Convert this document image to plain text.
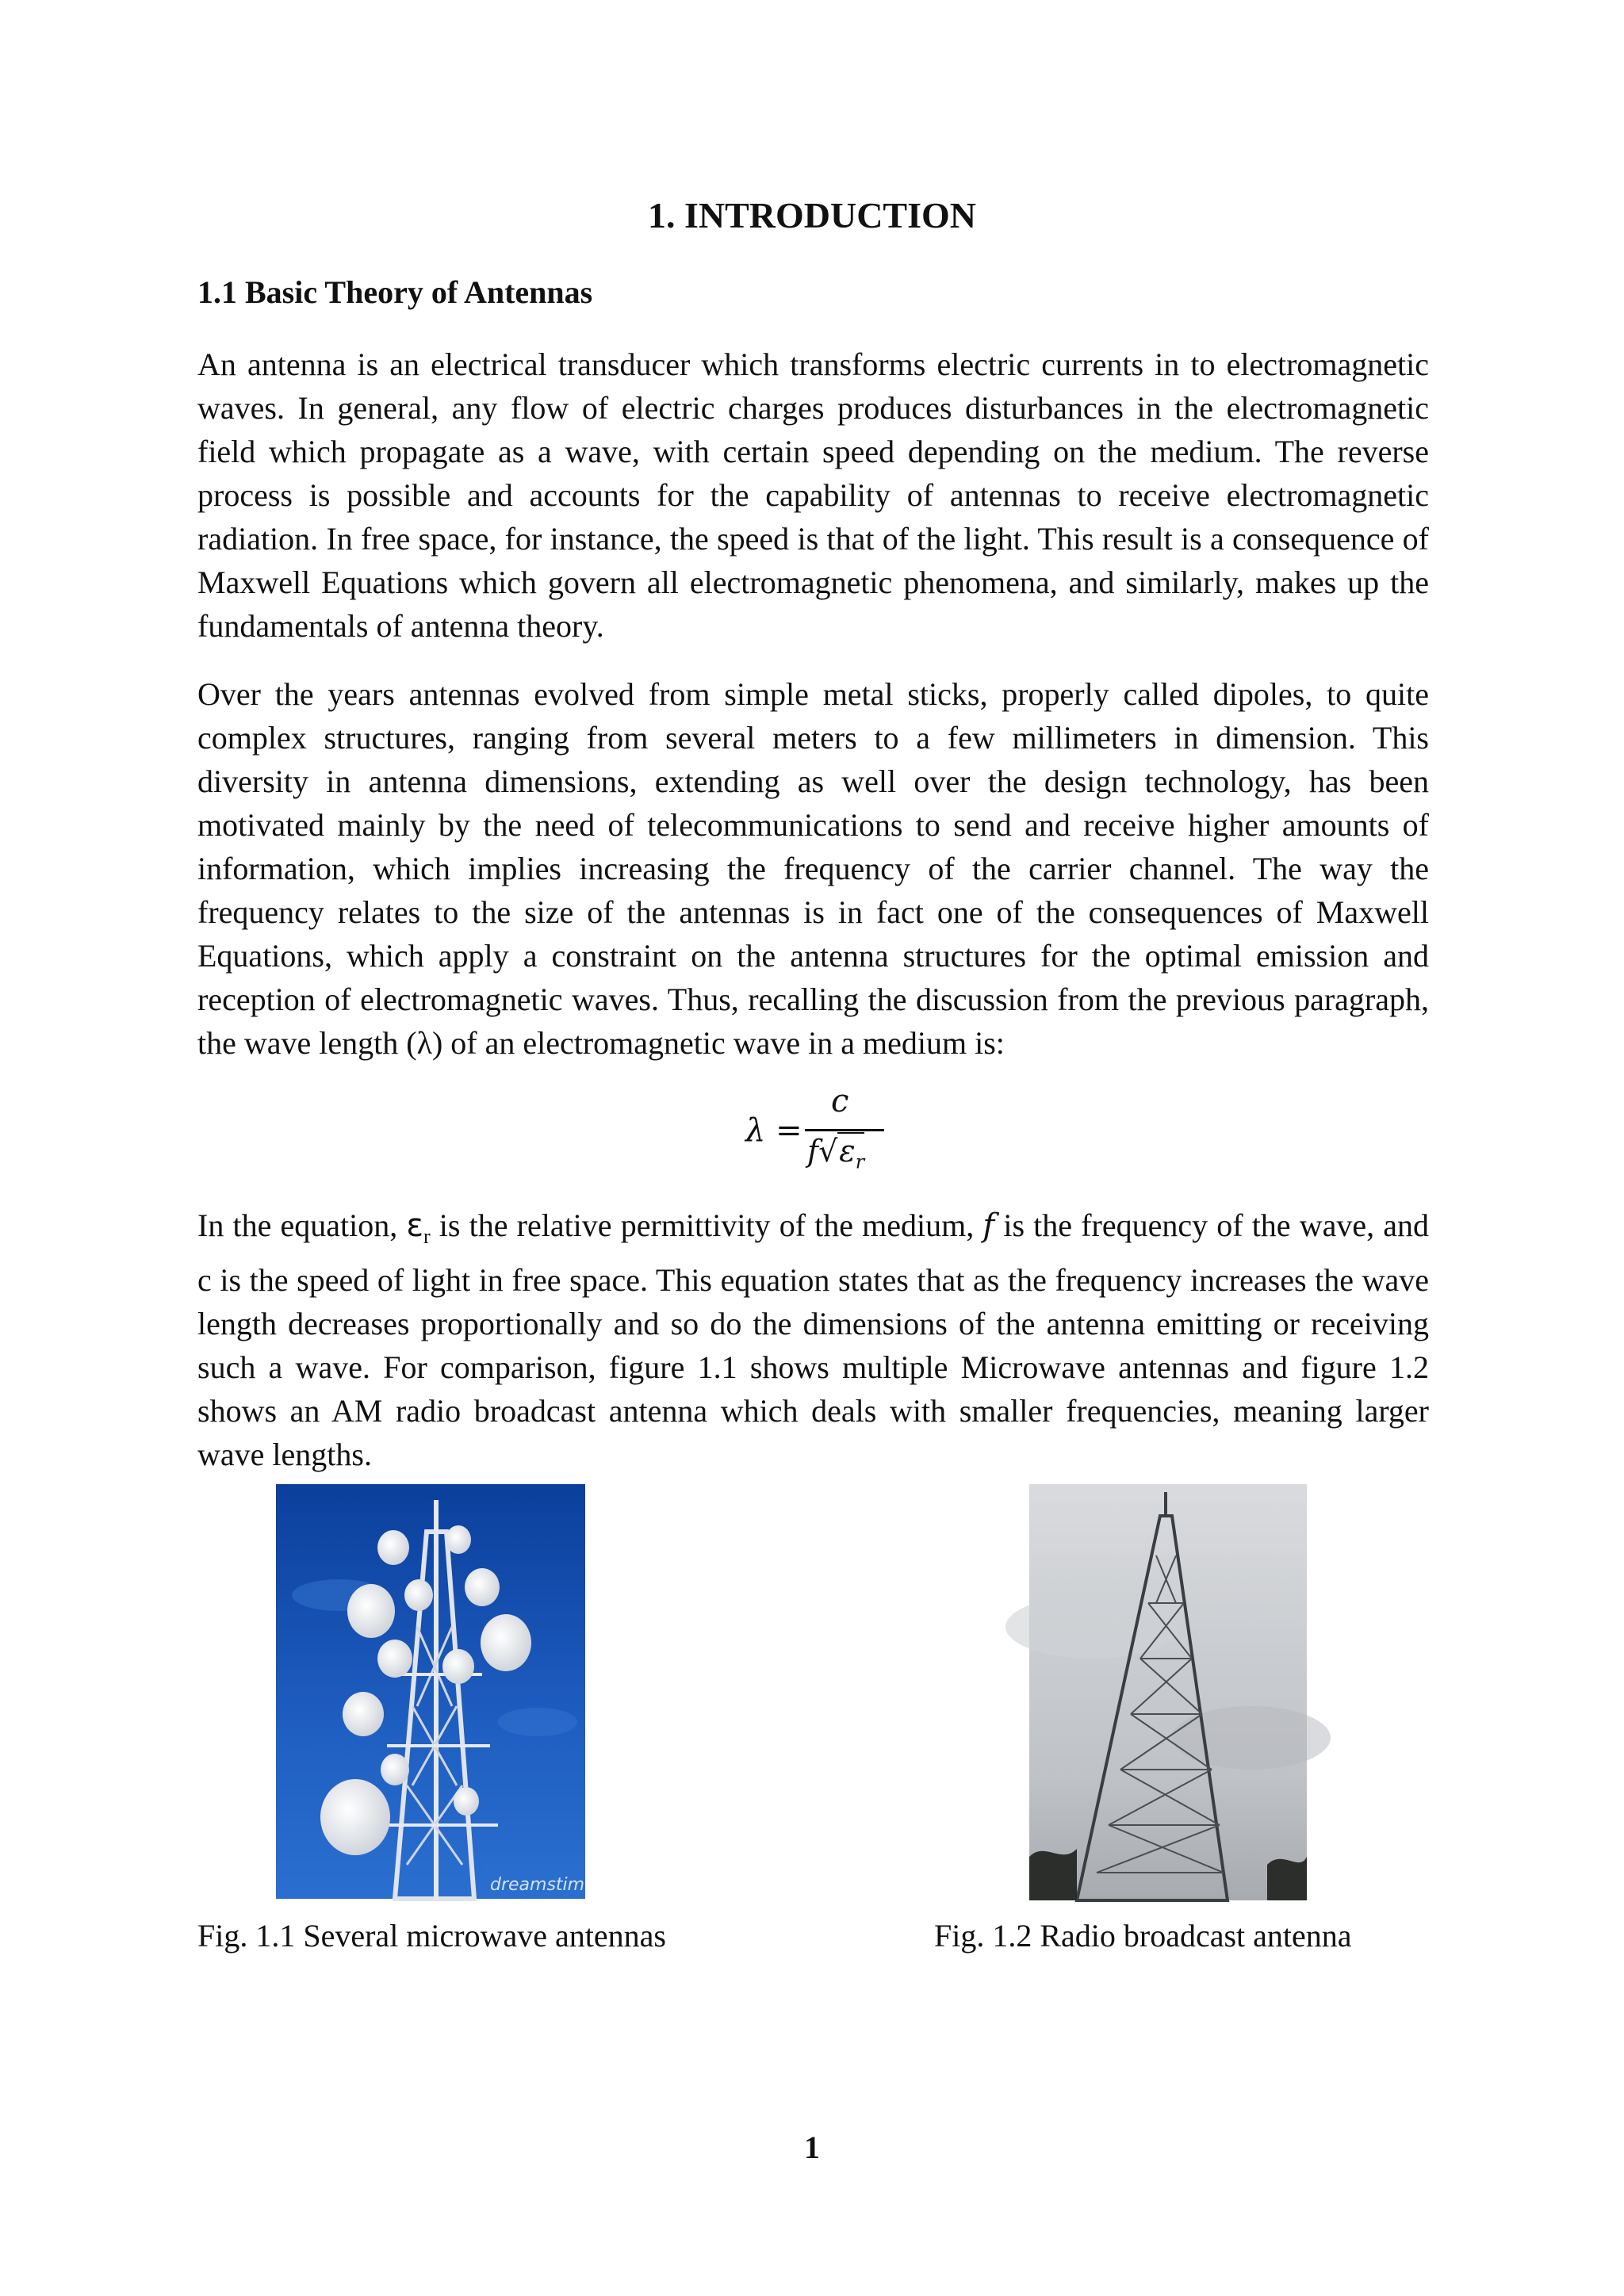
1. INTRODUCTION
1.1 Basic Theory of Antennas

An antenna is an electrical transducer which transforms electric currents in to electromagnetic waves. In general, any flow of electric charges produces disturbances in the electromagnetic field which propagate as a wave, with certain speed depending on the medium. The reverse process is possible and accounts for the capability of antennas to receive electromagnetic radiation. In free space, for instance, the speed is that of the light. This result is a consequence of Maxwell Equations which govern all electromagnetic phenomena, and similarly, makes up the fundamentals of antenna theory.

Over the years antennas evolved from simple metal sticks, properly called dipoles, to quite complex structures, ranging from several meters to a few millimeters in dimension. This diversity in antenna dimensions, extending as well over the design technology, has been motivated mainly by the need of telecommunications to send and receive higher amounts of information, which implies increasing the frequency of the carrier channel. The way the frequency relates to the size of the antennas is in fact one of the consequences of Maxwell Equations, which apply a constraint on the antenna structures for the optimal emission and reception of electromagnetic waves. Thus, recalling the discussion from the previous paragraph, the wave length (λ) of an electromagnetic wave in a medium is:

λ =
c
$f√\varepsilon_r$

In the equation, $\varepsilon_r$ is the relative permittivity of the medium, f is the frequency of the wave, and c is the speed of light in free space. This equation states that as the frequency increases the wave length decreases proportionally and so do the dimensions of the antenna emitting or receiving such a wave. For comparison, figure 1.1 shows multiple Microwave antennas and figure 1.2 shows an AM radio broadcast antenna which deals with smaller frequencies, meaning larger wave lengths.

dreamstime.com

Fig. 1.1 Several microwave antennas	Fig. 1.2 Radio broadcast antenna

1
